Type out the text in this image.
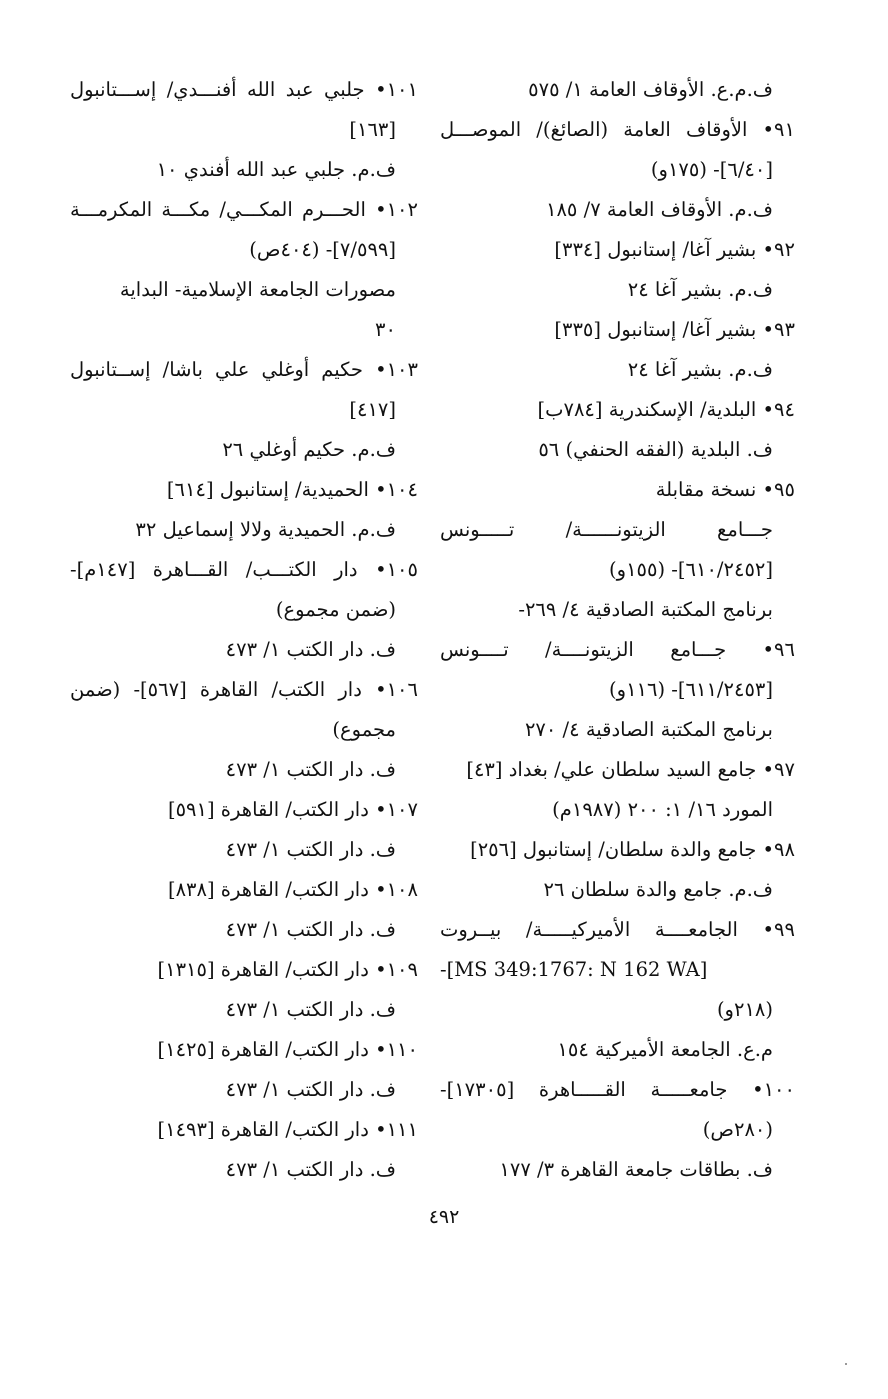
ف.م.ع. الأوقاف العامة ١/ ٥٧٥
٩١• الأوقاف العامة (الصائغ)/ الموصـــل
[٦/٤٠]- (١٧٥و)
ف.م. الأوقاف العامة ٧/ ١٨٥
٩٢• بشير آغا/ إستانبول [٣٣٤]
ف.م. بشير آغا ٢٤
٩٣• بشير آغا/ إستانبول [٣٣٥]
ف.م. بشير آغا ٢٤
٩٤• البلدية/ الإسكندرية [٧٨٤ب]
ف. البلدية (الفقه الحنفي) ٥٦
٩٥• نسخة مقابلة
جـــامع الزيتونــــــة/ تـــــونس
[٦١٠/٢٤٥٢]- (١٥٥و)
برنامج المكتبة الصادقية ٤/ ٢٦٩-
٩٦• جـــامع الزيتونــــة/ تــــونس
[٦١١/٢٤٥٣]- (١١٦و)
برنامج المكتبة الصادقية ٤/ ٢٧٠
٩٧• جامع السيد سلطان علي/ بغداد [٤٣]
المورد ١٦/ ١: ٢٠٠ (١٩٨٧م)
٩٨• جامع والدة سلطان/ إستانبول [٢٥٦]
ف.م. جامع والدة سلطان ٢٦
٩٩• الجامعــــة الأميركيـــــة/ بيــروت
-[MS 349:1767: N 162 WA]
(٢١٨و)
م.ع. الجامعة الأميركية ١٥٤
١٠٠• جامعـــــة القـــــاهرة [١٧٣٠٥]-
(٢٨٠ص)
ف. بطاقات جامعة القاهرة ٣/ ١٧٧
١٠١• جلبي عبد الله أفنـــدي/ إســـتانبول
[١٦٣]
ف.م. جلبي عبد الله أفندي ١٠
١٠٢• الحـــرم المكـــي/ مكـــة المكرمـــة
[٧/٥٩٩]- (٤٠٤ص)
مصورات الجامعة الإسلامية- البداية
٣٠
١٠٣• حكيم أوغلي علي باشا/ إســتانبول
[٤١٧]
ف.م. حكيم أوغلي ٢٦
١٠٤• الحميدية/ إستانبول [٦١٤]
ف.م. الحميدية ولالا إسماعيل ٣٢
١٠٥• دار الكتـــب/ القـــاهرة [١٤٧م]-
(ضمن مجموع)
ف. دار الكتب ١/ ٤٧٣
١٠٦• دار الكتب/ القاهرة [٥٦٧]- (ضمن
مجموع)
ف. دار الكتب ١/ ٤٧٣
١٠٧• دار الكتب/ القاهرة [٥٩١]
ف. دار الكتب ١/ ٤٧٣
١٠٨• دار الكتب/ القاهرة [٨٣٨]
ف. دار الكتب ١/ ٤٧٣
١٠٩• دار الكتب/ القاهرة [١٣١٥]
ف. دار الكتب ١/ ٤٧٣
١١٠• دار الكتب/ القاهرة [١٤٢٥]
ف. دار الكتب ١/ ٤٧٣
١١١• دار الكتب/ القاهرة [١٤٩٣]
ف. دار الكتب ١/ ٤٧٣
٤٩٢
